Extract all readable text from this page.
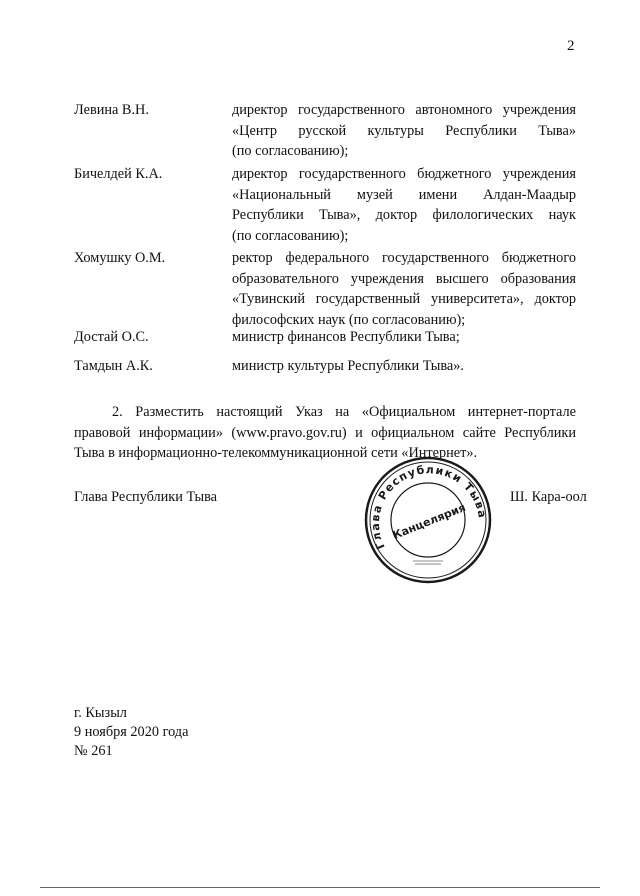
2
Левина В.Н.	директор государственного автономного учреждения
«Центр русской культуры Республики Тыва»
(по согласованию);
Бичелдей К.А.	директор государственного бюджетного учреждения
«Национальный музей имени Алдан-Маадыр
Республики Тыва», доктор филологических наук
(по согласованию);
Хомушку О.М.	ректор федерального государственного бюджетного
образовательного учреждения высшего образования
«Тувинский государственный университета», доктор
философских наук (по согласованию);
Достай О.С.	министр финансов Республики Тыва;
Тамдын А.К.	министр культуры Республики Тыва».
2. Разместить настоящий Указ на «Официальном интернет-портале
правовой информации» (www.pravo.gov.ru) и официальном сайте Республики
Тыва в информационно-телекоммуникационной сети «Интернет».
Глава Республики Тыва
Глава Республики Тыва
Канцелярия
Ш. Кара-оол
г. Кызыл
9 ноября 2020 года
№ 261
